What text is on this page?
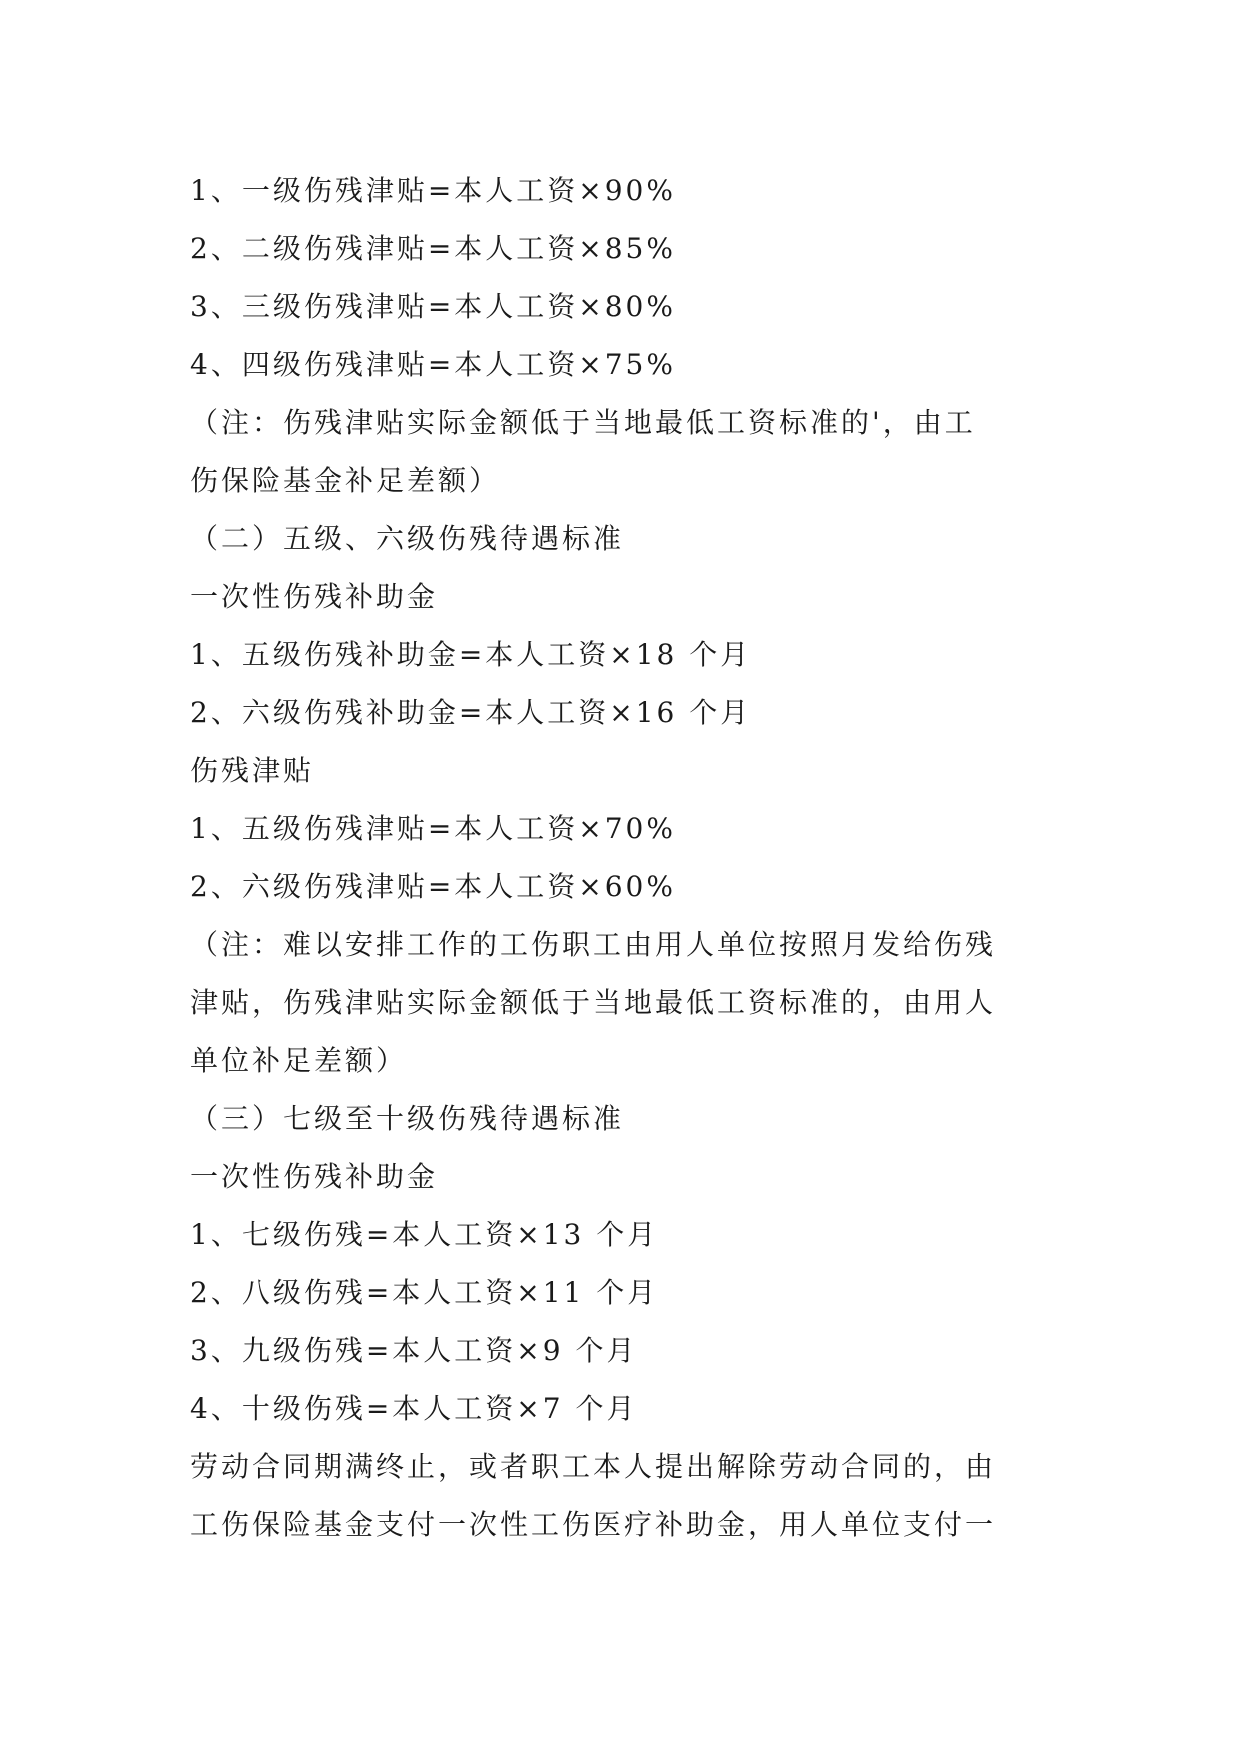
1、一级伤残津贴=本人工资×90%
2、二级伤残津贴=本人工资×85%
3、三级伤残津贴=本人工资×80%
4、四级伤残津贴=本人工资×75%
（注：伤残津贴实际金额低于当地最低工资标准的'，由工
伤保险基金补足差额）
（二）五级、六级伤残待遇标准
一次性伤残补助金
1、五级伤残补助金=本人工资×18 个月
2、六级伤残补助金=本人工资×16 个月
伤残津贴
1、五级伤残津贴=本人工资×70%
2、六级伤残津贴=本人工资×60%
（注：难以安排工作的工伤职工由用人单位按照月发给伤残
津贴，伤残津贴实际金额低于当地最低工资标准的，由用人
单位补足差额）
（三）七级至十级伤残待遇标准
一次性伤残补助金
1、七级伤残=本人工资×13 个月
2、八级伤残=本人工资×11 个月
3、九级伤残=本人工资×9 个月
4、十级伤残=本人工资×7 个月
劳动合同期满终止，或者职工本人提出解除劳动合同的，由
工伤保险基金支付一次性工伤医疗补助金，用人单位支付一
